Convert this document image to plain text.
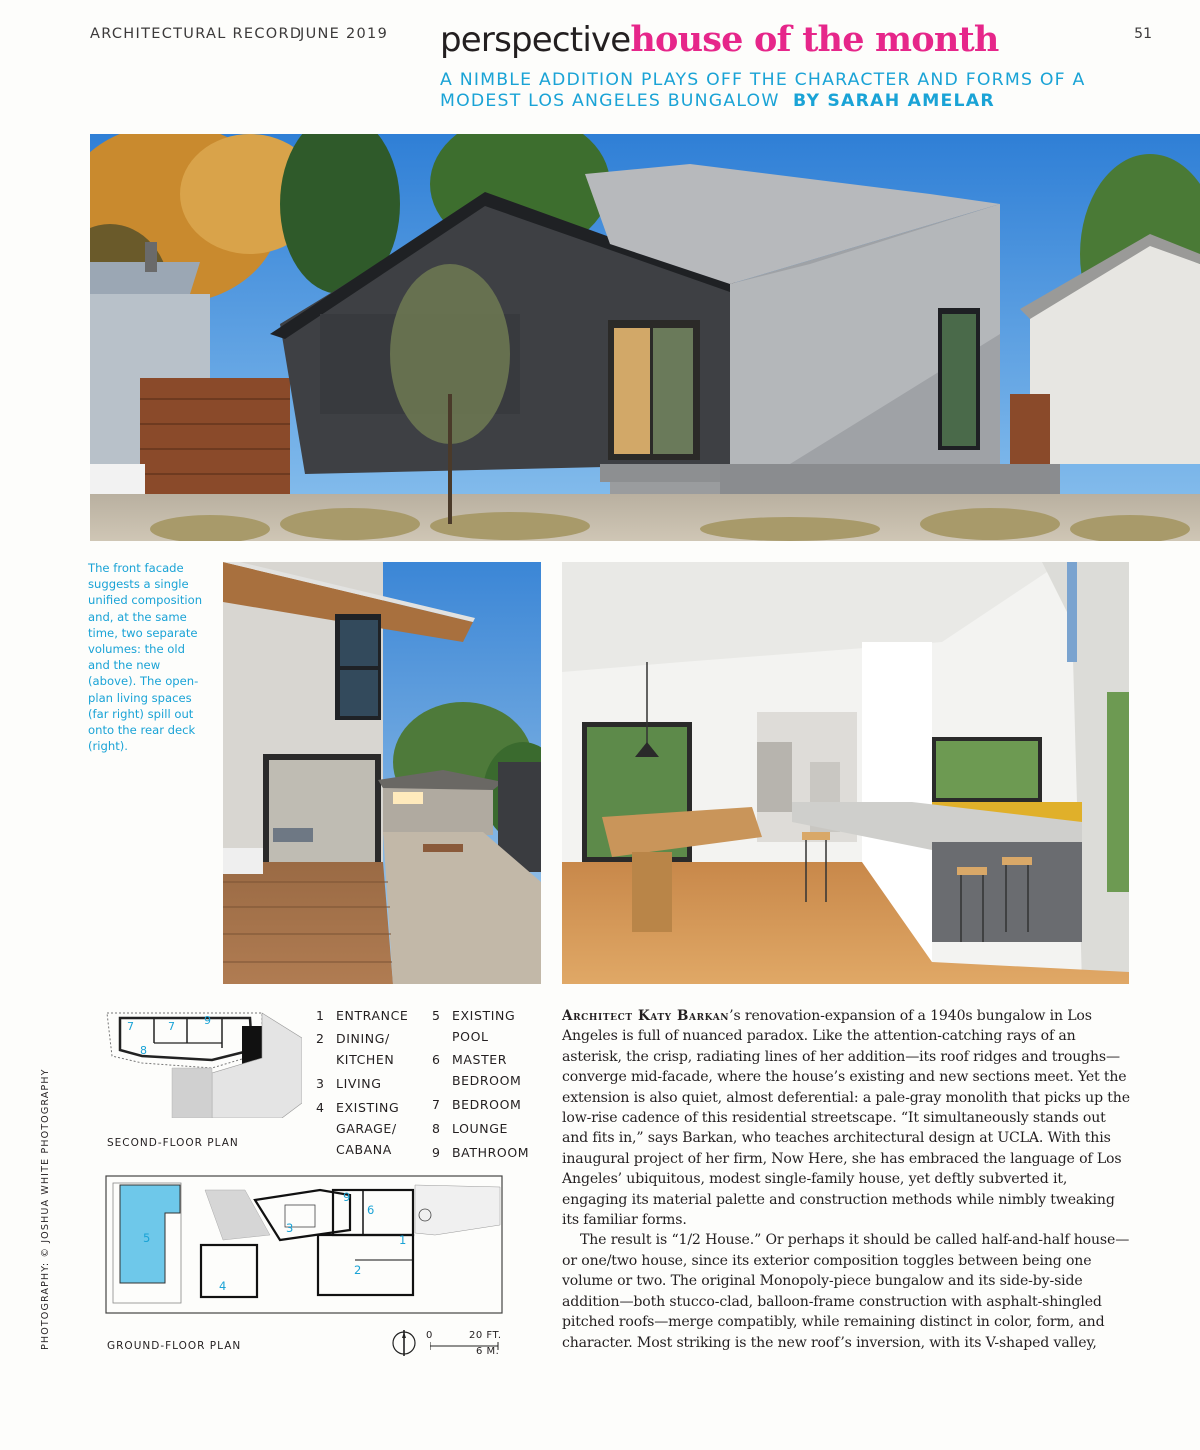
ARCHITECTURAL RECORD
JUNE 2019	51
perspectivehouse of the month
A NIMBLE ADDITION PLAYS OFF THE CHARACTER AND FORMS OF A MODEST LOS ANGELES BUNGALOW BY SARAH AMELAR
The front facade suggests a single unified composition and, at the same time, two separate volumes: the old and the new (above). The open-plan living spaces (far right) spill out onto the rear deck (right).
7	7	9
8
SECOND-FLOOR PLAN
5
3
9
6
1
2
4
GROUND-FLOOR PLAN
0	20 FT.
6 M.
1 ENTRANCE
2 DINING/
KITCHEN
3 LIVING
4 EXISTING
GARAGE/
CABANA
5 EXISTING
POOL
6 MASTER
BEDROOM
7 BEDROOM
8 LOUNGE
9 BATHROOM
PHOTOGRAPHY: © JOSHUA WHITE PHOTOGRAPHY

Architect Katy Barkan’s renovation-expansion of a 1940s bungalow in Los Angeles is full of nuanced paradox. Like the attention-catching rays of an asterisk, the crisp, radiating lines of her addition—its roof ridges and troughs—converge mid-facade, where the house’s existing and new sections meet. Yet the extension is also quiet, almost deferential: a pale-gray monolith that picks up the low-rise cadence of this residential streetscape. “It simultaneously stands out and fits in,” says Barkan, who teaches architectural design at UCLA. With this inaugural project of her firm, Now Here, she has embraced the language of Los Angeles’ ubiquitous, modest single-family house, yet deftly subverted it, engaging its material palette and construction methods while nimbly tweaking its familiar forms.

The result is “1/2 House.” Or perhaps it should be called half-and-half house—or one/two house, since its exterior composition toggles between being one volume or two. The original Monopoly-piece bungalow and its side-by-side addition—both stucco-clad, balloon-frame construction with asphalt-shingled pitched roofs—merge compatibly, while remaining distinct in color, form, and character. Most striking is the new roof’s inversion, with its V-shaped valley,
